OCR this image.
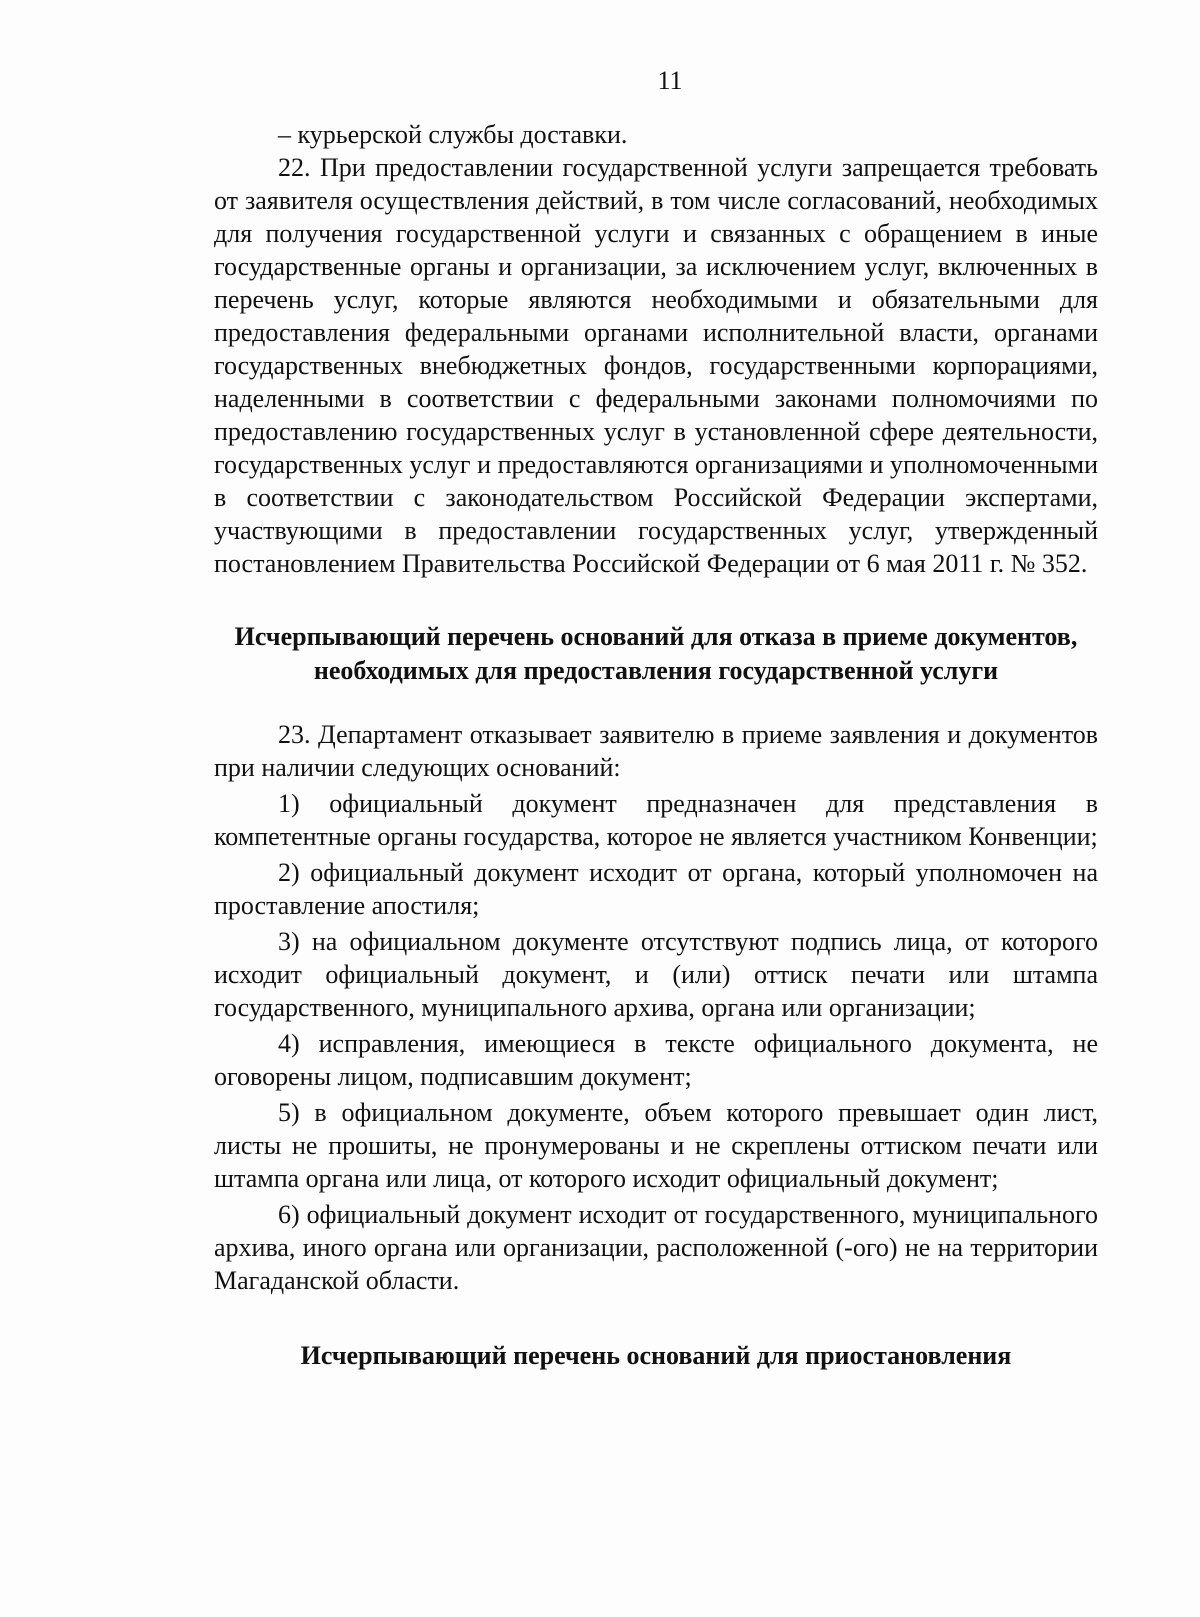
11

– курьерской службы доставки.

22. При предоставлении государственной услуги запрещается требовать от заявителя осуществления действий, в том числе согласований, необходимых для получения государственной услуги и связанных с обращением в иные государственные органы и организации, за исключением услуг, включенных в перечень услуг, которые являются необходимыми и обязательными для предоставления федеральными органами исполнительной власти, органами государственных внебюджетных фондов, государственными корпорациями, наделенными в соответствии с федеральными законами полномочиями по предоставлению государственных услуг в установленной сфере деятельности, государственных услуг и предоставляются организациями и уполномоченными в соответствии с законодательством Российской Федерации экспертами, участвующими в предоставлении государственных услуг, утвержденный постановлением Правительства Российской Федерации от 6 мая 2011 г. № 352.

Исчерпывающий перечень оснований для отказа в приеме документов, необходимых для предоставления государственной услуги

23. Департамент отказывает заявителю в приеме заявления и документов при наличии следующих оснований:

1) официальный документ предназначен для представления в компетентные органы государства, которое не является участником Конвенции;

2) официальный документ исходит от органа, который уполномочен на проставление апостиля;

3) на официальном документе отсутствуют подпись лица, от которого исходит официальный документ, и (или) оттиск печати или штампа государственного, муниципального архива, органа или организации;

4) исправления, имеющиеся в тексте официального документа, не оговорены лицом, подписавшим документ;

5) в официальном документе, объем которого превышает один лист, листы не прошиты, не пронумерованы и не скреплены оттиском печати или штампа органа или лица, от которого исходит официальный документ;

6) официальный документ исходит от государственного, муниципального архива, иного органа или организации, расположенной (-ого) не на территории Магаданской области.

Исчерпывающий перечень оснований для приостановления
